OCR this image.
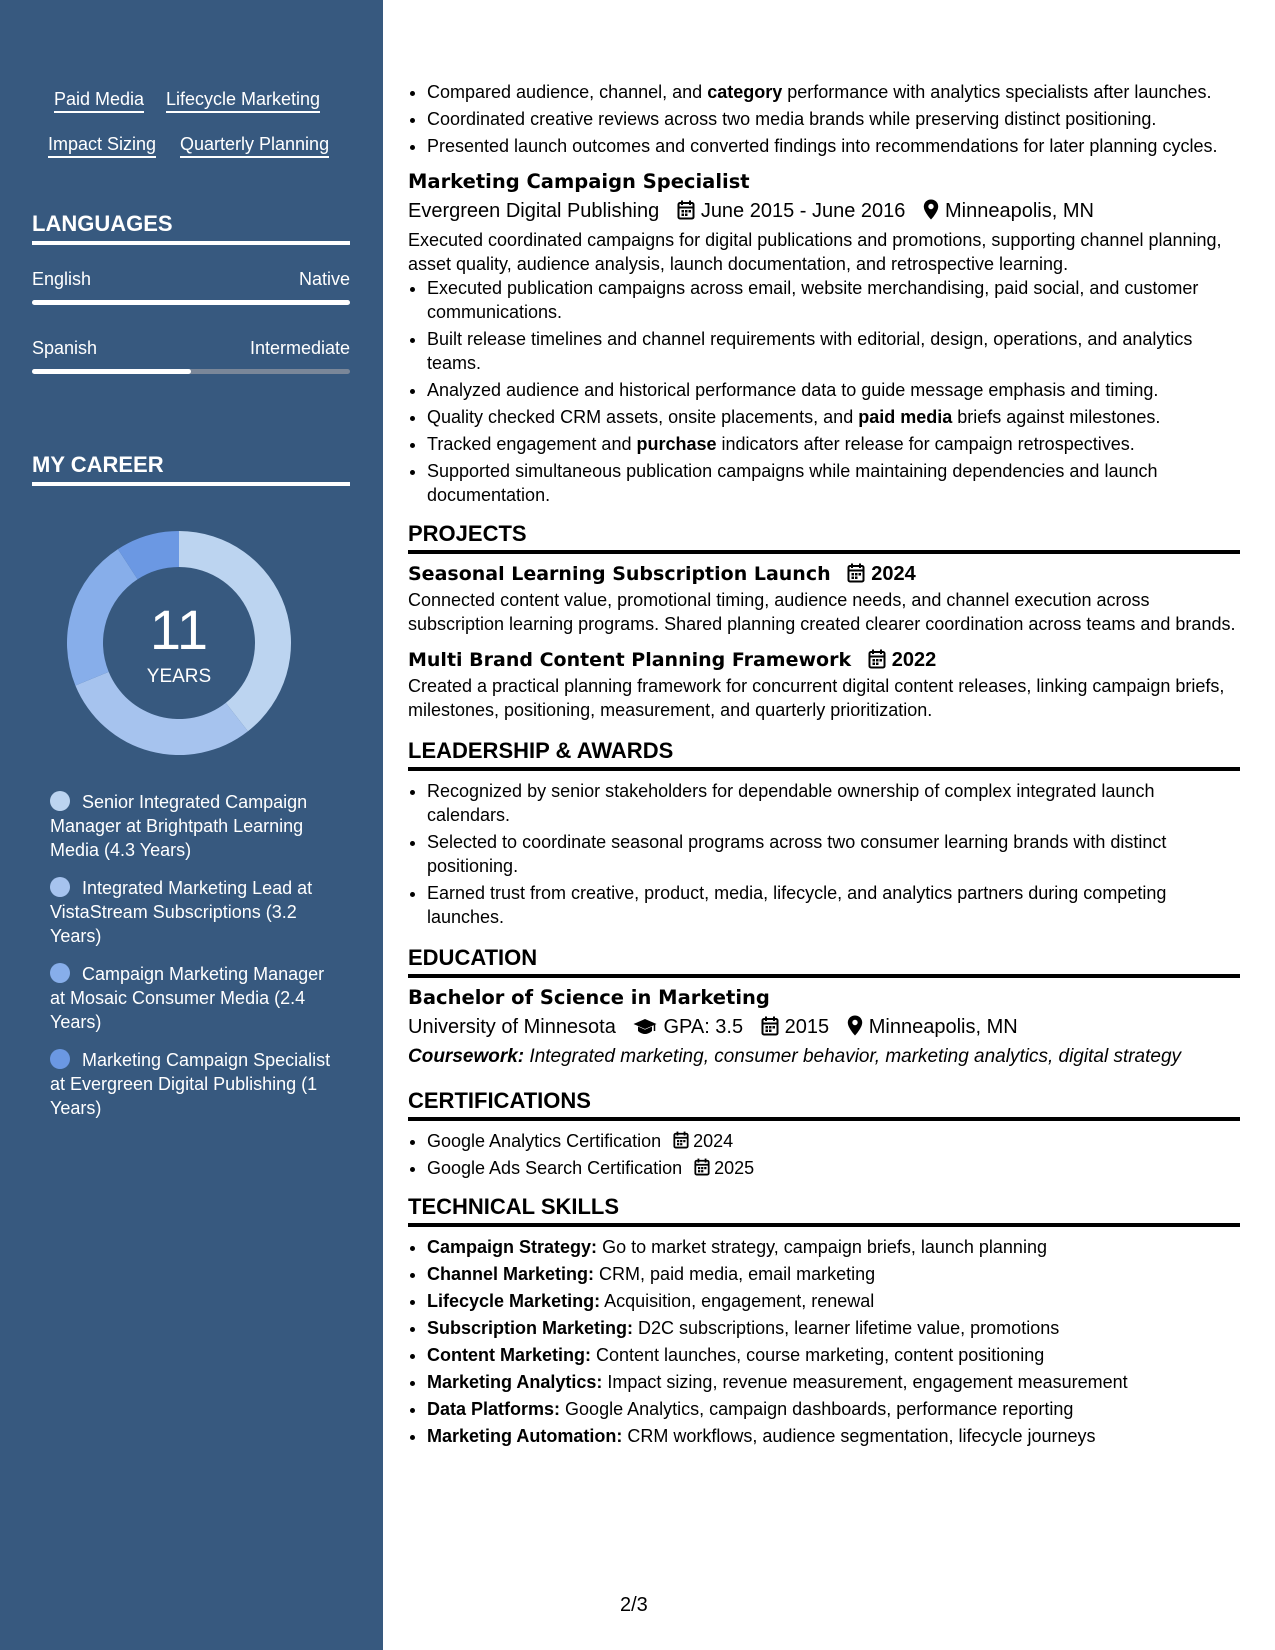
Paid Media Lifecycle Marketing
Impact Sizing Quarterly Planning
LANGUAGES
English	Native
Spanish	Intermediate
MY CAREER
11
YEARS
Senior Integrated Campaign Manager at Brightpath Learning Media (4.3 Years)
Integrated Marketing Lead at VistaStream Subscriptions (3.2 Years)
Campaign Marketing Manager at Mosaic Consumer Media (2.4 Years)
Marketing Campaign Specialist at Evergreen Digital Publishing (1 Years)
• Compared audience, channel, and category performance with analytics specialists after launches.
• Coordinated creative reviews across two media brands while preserving distinct positioning.
• Presented launch outcomes and converted findings into recommendations for later planning cycles.
Marketing Campaign Specialist
Evergreen Digital Publishing June 2015 - June 2016 Minneapolis, MN
Executed coordinated campaigns for digital publications and promotions, supporting channel planning, asset quality, audience analysis, launch documentation, and retrospective learning.
• Executed publication campaigns across email, website merchandising, paid social, and customer communications.
• Built release timelines and channel requirements with editorial, design, operations, and analytics teams.
• Analyzed audience and historical performance data to guide message emphasis and timing.
• Quality checked CRM assets, onsite placements, and paid media briefs against milestones.
• Tracked engagement and purchase indicators after release for campaign retrospectives.
• Supported simultaneous publication campaigns while maintaining dependencies and launch documentation.
PROJECTS
Seasonal Learning Subscription Launch 2024
Connected content value, promotional timing, audience needs, and channel execution across subscription learning programs. Shared planning created clearer coordination across teams and brands.
Multi Brand Content Planning Framework 2022
Created a practical planning framework for concurrent digital content releases, linking campaign briefs, milestones, positioning, measurement, and quarterly prioritization.
LEADERSHIP & AWARDS
• Recognized by senior stakeholders for dependable ownership of complex integrated launch calendars.
• Selected to coordinate seasonal programs across two consumer learning brands with distinct positioning.
• Earned trust from creative, product, media, lifecycle, and analytics partners during competing launches.
EDUCATION
Bachelor of Science in Marketing
University of Minnesota GPA: 3.5 2015 Minneapolis, MN
Coursework: Integrated marketing, consumer behavior, marketing analytics, digital strategy
CERTIFICATIONS
• Google Analytics Certification 2024
• Google Ads Search Certification 2025
TECHNICAL SKILLS
• Campaign Strategy: Go to market strategy, campaign briefs, launch planning
• Channel Marketing: CRM, paid media, email marketing
• Lifecycle Marketing: Acquisition, engagement, renewal
• Subscription Marketing: D2C subscriptions, learner lifetime value, promotions
• Content Marketing: Content launches, course marketing, content positioning
• Marketing Analytics: Impact sizing, revenue measurement, engagement measurement
• Data Platforms: Google Analytics, campaign dashboards, performance reporting
• Marketing Automation: CRM workflows, audience segmentation, lifecycle journeys
2/3
